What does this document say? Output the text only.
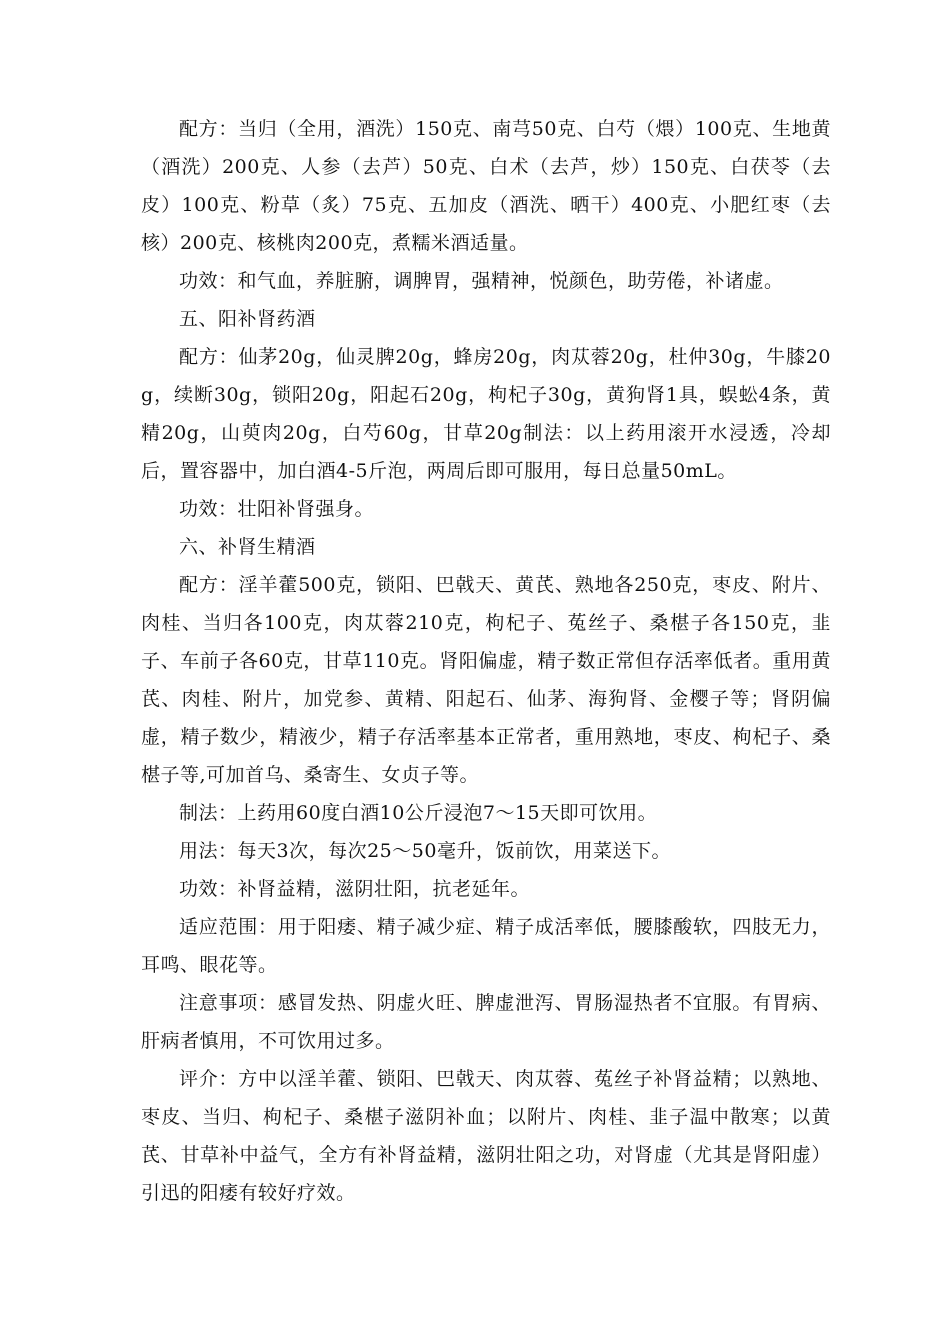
配方：当归（全用，酒洗）150克、南芎50克、白芍（煨）100克、生地黄（酒洗）200克、人参（去芦）50克、白术（去芦，炒）150克、白茯苓（去皮）100克、粉草（炙）75克、五加皮（酒洗、晒干）400克、小肥红枣（去核）200克、核桃肉200克，煮糯米酒适量。

功效：和气血，养脏腑，调脾胃，强精神，悦颜色，助劳倦，补诸虚。

五、阳补肾药酒

配方：仙茅20g，仙灵脾20g，蜂房20g，肉苁蓉20g，杜仲30g，牛膝20g，续断30g，锁阳20g，阳起石20g，枸杞子30g，黄狗肾1具，蜈蚣4条，黄精20g，山萸肉20g，白芍60g，甘草20g制法：以上药用滚开水浸透，冷却后，置容器中，加白酒4-5斤泡，两周后即可服用，每日总量50mL。

功效：壮阳补肾强身。

六、补肾生精酒

配方：淫羊藿500克，锁阳、巴戟天、黄芪、熟地各250克，枣皮、附片、肉桂、当归各100克，肉苁蓉210克，枸杞子、菟丝子、桑椹子各150克，韭子、车前子各60克，甘草110克。肾阳偏虚，精子数正常但存活率低者。重用黄芪、肉桂、附片，加党参、黄精、阳起石、仙茅、海狗肾、金樱子等；肾阴偏虚，精子数少，精液少，精子存活率基本正常者，重用熟地，枣皮、枸杞子、桑椹子等,可加首乌、桑寄生、女贞子等。

制法：上药用60度白酒10公斤浸泡7～15天即可饮用。

用法：每天3次，每次25～50毫升，饭前饮，用菜送下。

功效：补肾益精，滋阴壮阳，抗老延年。

适应范围：用于阳痿、精子减少症、精子成活率低，腰膝酸软，四肢无力，耳鸣、眼花等。

注意事项：感冒发热、阴虚火旺、脾虚泄泻、胃肠湿热者不宜服。有胃病、肝病者慎用，不可饮用过多。

评介：方中以淫羊藿、锁阳、巴戟天、肉苁蓉、菟丝子补肾益精；以熟地、枣皮、当归、枸杞子、桑椹子滋阴补血；以附片、肉桂、韭子温中散寒；以黄芪、甘草补中益气，全方有补肾益精，滋阴壮阳之功，对肾虚（尤其是肾阳虚）引迅的阳痿有较好疗效。
